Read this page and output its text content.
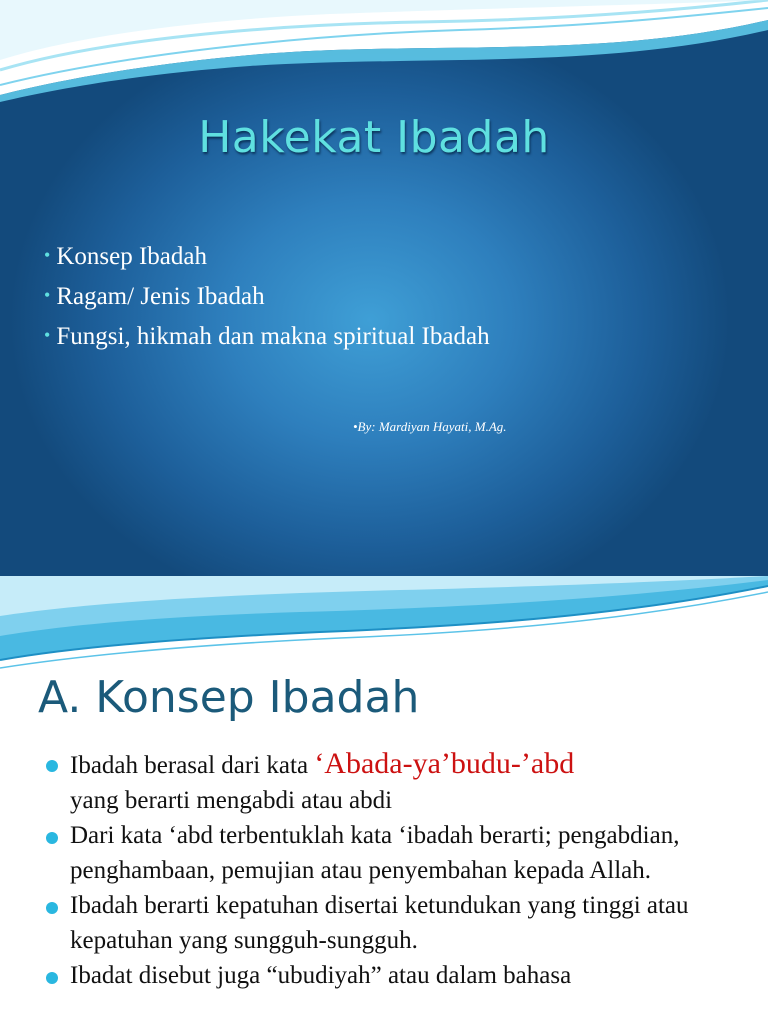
Hakekat Ibadah
• Konsep Ibadah
• Ragam/ Jenis Ibadah
• Fungsi, hikmah dan makna spiritual Ibadah
•By: Mardiyan Hayati, M.Ag.
A. Konsep Ibadah
Ibadah berasal dari kata ‘Abada-ya’budu-’abd
yang berarti mengabdi atau abdi
Dari kata ‘abd terbentuklah kata ‘ibadah berarti; pengabdian, penghambaan, pemujian atau penyembahan kepada Allah.
Ibadah berarti kepatuhan disertai ketundukan yang tinggi atau kepatuhan yang sungguh-sungguh.
Ibadat disebut juga “ubudiyah” atau dalam bahasa
